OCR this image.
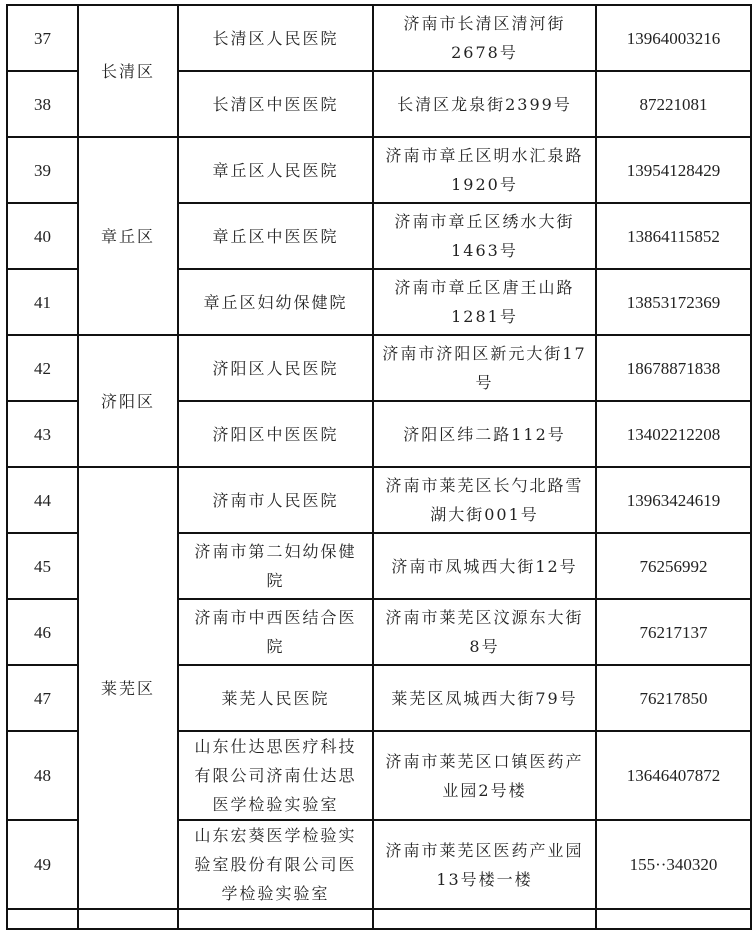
37	长清区	长清区人民医院	济南市长清区清河街2678号	13964003216
38		长清区中医医院	长清区龙泉街2399号	87221081
39	章丘区	章丘区人民医院	济南市章丘区明水汇泉路1920号	13954128429
40		章丘区中医医院	济南市章丘区绣水大街1463号	13864115852
41		章丘区妇幼保健院	济南市章丘区唐王山路1281号	13853172369
42	济阳区	济阳区人民医院	济南市济阳区新元大街17号	18678871838
43		济阳区中医医院	济阳区纬二路112号	13402212208
44	莱芜区	济南市人民医院	济南市莱芜区长勺北路雪湖大街001号	13963424619
45		济南市第二妇幼保健院	济南市凤城西大街12号	76256992
46		济南市中西医结合医院	济南市莱芜区汶源东大街8号	76217137
47		莱芜人民医院	莱芜区凤城西大街79号	76217850
48		山东仕达思医疗科技有限公司济南仕达思医学检验实验室	济南市莱芜区口镇医药产业园2号楼	13646407872
49		山东宏葵医学检验实验室股份有限公司医学检验实验室	济南市莱芜区医药产业园13号楼一楼	155··340320
